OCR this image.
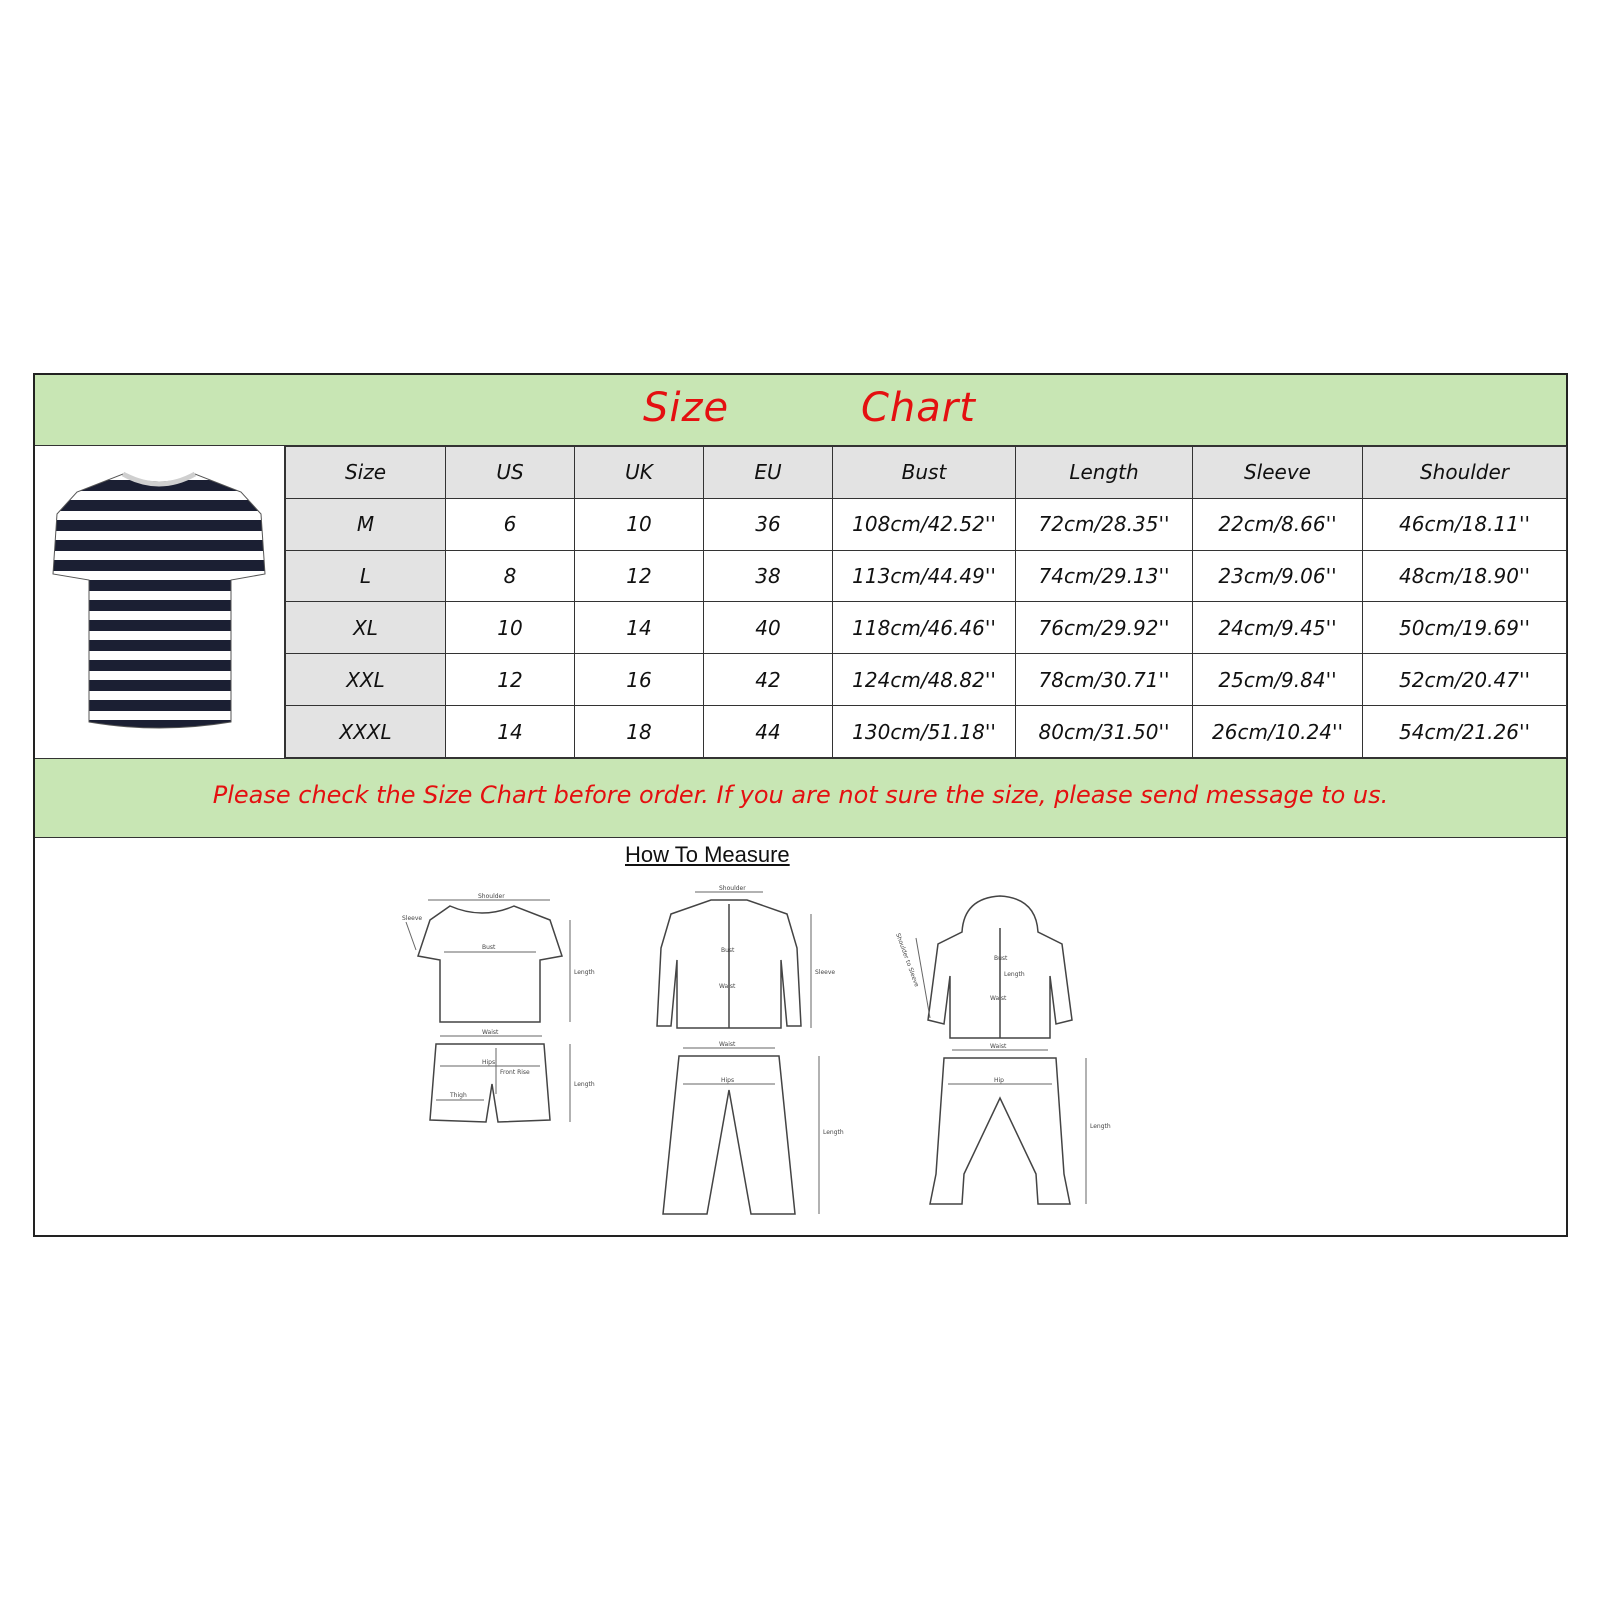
Size	Chart
Size	US	UK	EU	Bust	Length	Sleeve	Shoulder
M	6	10	36	108cm/42.52''	72cm/28.35''	22cm/8.66''	46cm/18.11''
L	8	12	38	113cm/44.49''	74cm/29.13''	23cm/9.06''	48cm/18.90''
XL	10	14	40	118cm/46.46''	76cm/29.92''	24cm/9.45''	50cm/19.69''
XXL	12	16	42	124cm/48.82''	78cm/30.71''	25cm/9.84''	52cm/20.47''
XXXL	14	18	44	130cm/51.18''	80cm/31.50''	26cm/10.24''	54cm/21.26''
Please check the Size Chart before order. If you are not sure the size, please send message to us.
How To Measure
Shoulder
Bust
Length
Waist
Hips
Front Rise
Thigh
Length
Sleeve
Shoulder
Bust
Waist
Sleeve
Waist
Hips
Length
Bust
Length
Waist
Waist
Hip
Length
Shoulder to Sleeve
